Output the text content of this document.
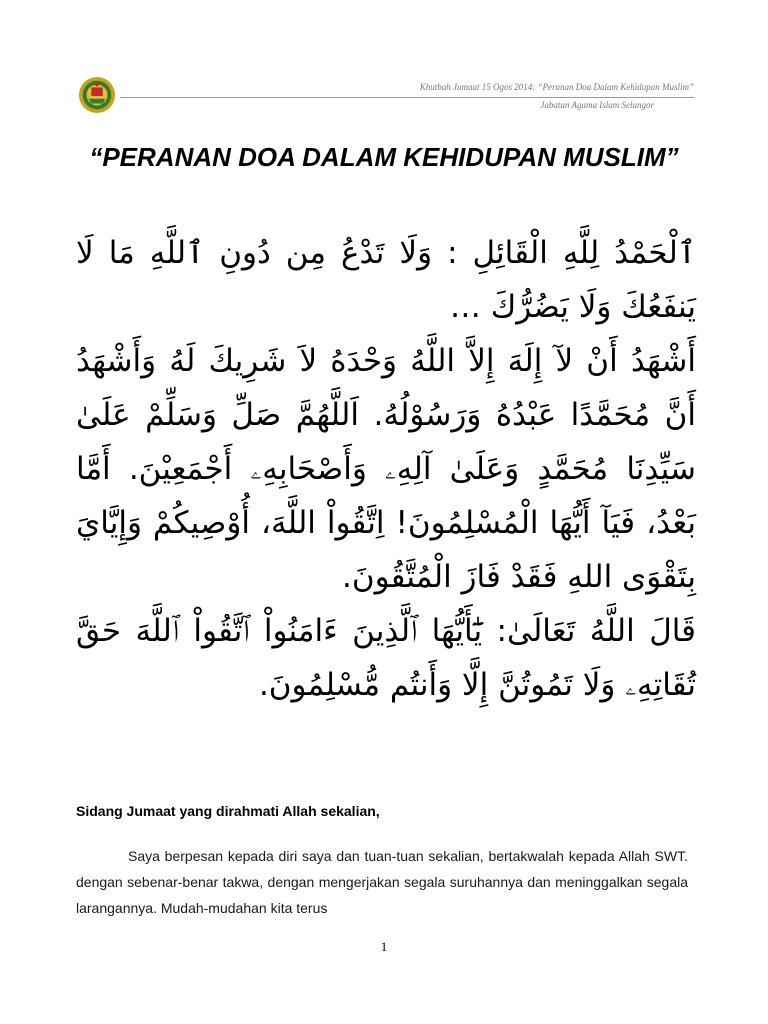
Khutbah Jumaat 15 Ogos 2014: “Peranan Doa Dalam Kehidupan Muslim”
Jabatan Agama Islam Selangor
“PERANAN DOA DALAM KEHIDUPAN MUSLIM”

ٱلْحَمْدُ لِلَّهِ الْقَائِلِ : وَلَا تَدْعُ مِن دُونِ ٱللَّهِ مَا لَا يَنفَعُكَ وَلَا يَضُرُّكَ …

أَشْهَدُ أَنْ لآ إِلَهَ إِلاَّ اللَّهُ وَحْدَهُ لاَ شَرِيكَ لَهُ وَأَشْهَدُ أَنَّ مُحَمَّدًا عَبْدُهُ وَرَسُوْلُهُ. اَللَّهُمَّ صَلِّ وَسَلِّمْ عَلَىٰ سَيِّدِنَا مُحَمَّدٍ وَعَلَىٰ آلِهِۦ وَأَصْحَابِهِۦ أَجْمَعِيْنَ. أَمَّا بَعْدُ، فَيَآ أَيُّهَا الْمُسْلِمُونَ! اِتَّقُواْ اللَّهَ، أُوْصِيكُمْ وَإِيَّايَ بِتَقْوَى اللهِ فَقَدْ فَازَ الْمُتَّقُونَ.

قَالَ اللَّهُ تَعَالَىٰ: يَٰٓأَيُّهَا ٱلَّذِينَ ءَامَنُواْ ٱتَّقُواْ ٱللَّهَ حَقَّ تُقَاتِهِۦ وَلَا تَمُوتُنَّ إِلَّا وَأَنتُم مُّسْلِمُونَ.

Sidang Jumaat yang dirahmati Allah sekalian,

Saya berpesan kepada diri saya dan tuan-tuan sekalian, bertakwalah kepada Allah SWT. dengan sebenar-benar takwa, dengan mengerjakan segala suruhannya dan meninggalkan segala larangannya. Mudah-mudahan kita terus

1
